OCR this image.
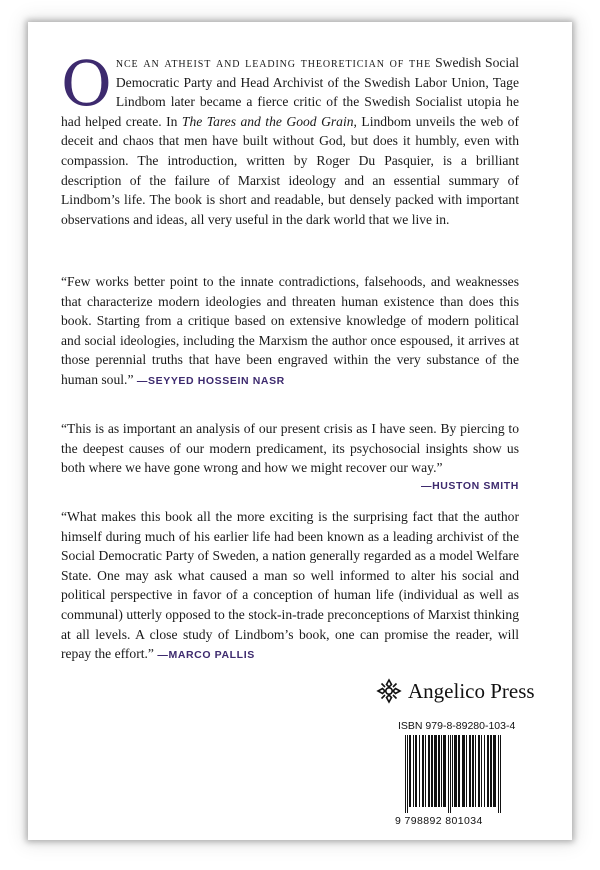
Once an atheist and leading theoretician of the Swedish Social Democratic Party and Head Archivist of the Swedish Labor Union, Tage Lindbom later became a fierce critic of the Swedish Socialist utopia he had helped create. In The Tares and the Good Grain, Lindbom unveils the web of deceit and chaos that men have built without God, but does it humbly, even with compassion. The introduction, written by Roger Du Pasquier, is a brilliant description of the failure of Marxist ideology and an essential summary of Lindbom’s life. The book is short and readable, but densely packed with important observations and ideas, all very useful in the dark world that we live in.
“Few works better point to the innate contradictions, falsehoods, and weaknesses that characterize modern ideologies and threaten human existence than does this book. Starting from a critique based on extensive knowledge of modern political and social ideologies, including the Marxism the author once espoused, it arrives at those perennial truths that have been engraved within the very substance of the human soul.” —SEYYED HOSSEIN NASR
“This is as important an analysis of our present crisis as I have seen. By piercing to the deepest causes of our modern predicament, its psychosocial insights show us both where we have gone wrong and how we might recover our way.”
—HUSTON SMITH
“What makes this book all the more exciting is the surprising fact that the author himself during much of his earlier life had been known as a leading archivist of the Social Democratic Party of Sweden, a nation generally regarded as a model Welfare State. One may ask what caused a man so well informed to alter his social and political perspective in favor of a conception of human life (individual as well as communal) utterly opposed to the stock-in-trade preconceptions of Marxist thinking at all levels. A close study of Lindbom’s book, one can promise the reader, will repay the effort.” —MARCO PALLIS
Angelico Press
ISBN 979-8-89280-103-4
9 798892 801034
